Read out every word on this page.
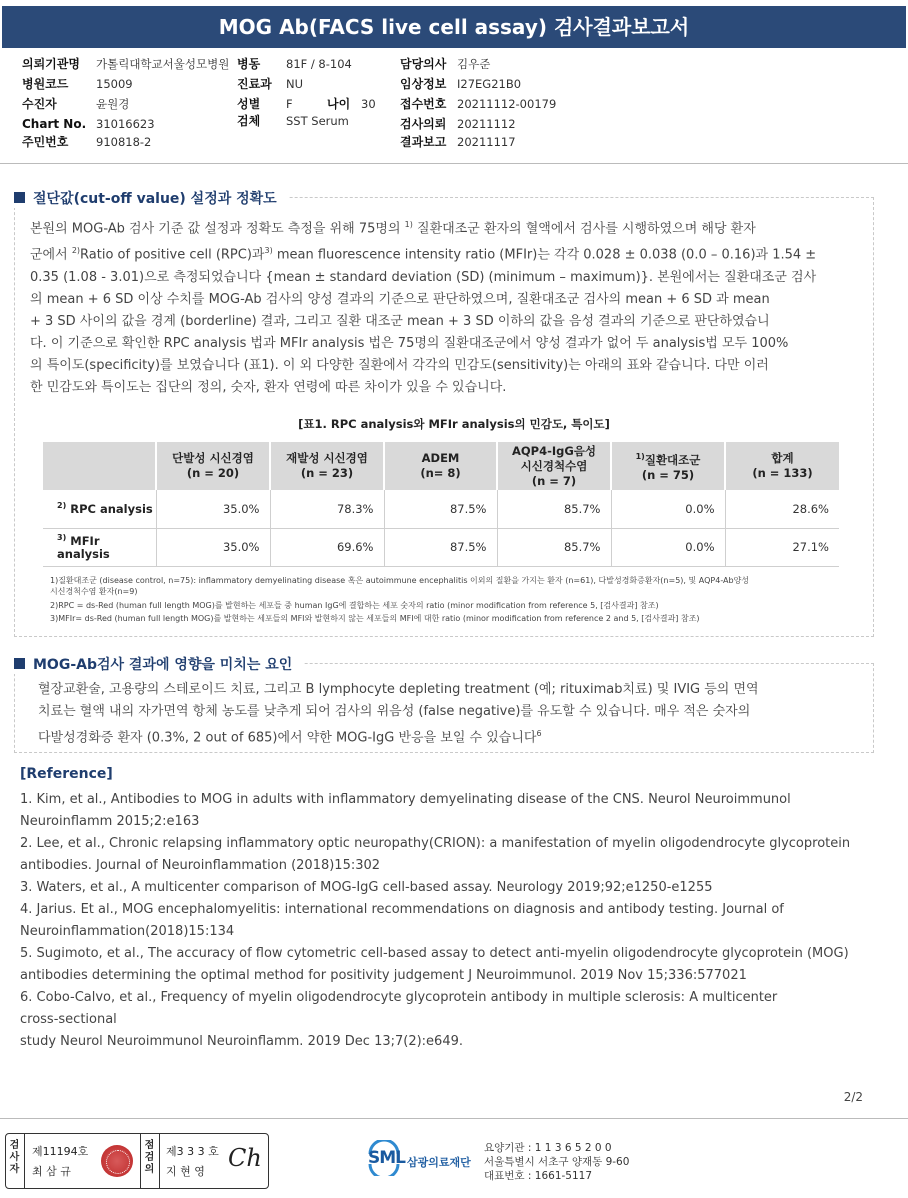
MOG Ab(FACS live cell assay) 검사결과보고서
의뢰기관명 가톨릭대학교서울성모병원
병원코드 15009
수진자	윤원경
Chart No. 31016623
주민번호 910818-2
병동 81F / 8-104
진료과 NU
성별 F	나이 30
검체 SST Serum
담당의사 김우준
임상정보 I27EG21B0
접수번호 20211112-00179
검사의뢰 20211112
결과보고 20211117
절단값(cut-off value) 설정과 정확도
본원의 MOG-Ab 검사 기준 값 설정과 정확도 측정을 위해 75명의 $^{1)}$ 질환대조군 환자의 혈액에서 검사를 시행하였으며 해당 환자
군에서 $^{2)}$Ratio of positive cell (RPC)과$^{3)}$ mean fluorescence intensity ratio (MFIr)는 각각 0.028 ± 0.038 (0.0 – 0.16)과 1.54 ±
0.35 (1.08 - 3.01)으로 측정되었습니다 {mean ± standard deviation (SD) (minimum – maximum)}. 본원에서는 질환대조군 검사
의 mean + 6 SD 이상 수치를 MOG-Ab 검사의 양성 결과의 기준으로 판단하였으며, 질환대조군 검사의 mean + 6 SD 과 mean
+ 3 SD 사이의 값을 경계 (borderline) 결과, 그리고 질환 대조군 mean + 3 SD 이하의 값을 음성 결과의 기준으로 판단하였습니
다. 이 기준으로 확인한 RPC analysis 법과 MFIr analysis 법은 75명의 질환대조군에서 양성 결과가 없어 두 analysis법 모두 100%
의 특이도(specificity)를 보였습니다 (표1). 이 외 다양한 질환에서 각각의 민감도(sensitivity)는 아래의 표와 같습니다. 다만 이러
한 민감도와 특이도는 집단의 정의, 숫자, 환자 연령에 따른 차이가 있을 수 있습니다.
[표1. RPC analysis와 MFIr analysis의 민감도, 특이도]
	단발성 시신경염
(n = 20)	재발성 시신경염
(n = 23)	ADEM
(n= 8)	AQP4-IgG음성
시신경척수염
(n = 7)	$^{1)}$질환대조군
(n = 75)	합계
(n = 133)
$^{2)}$ RPC analysis	35.0%	78.3%	87.5%	85.7%	0.0%	28.6%
$^{3)}$ MFIr analysis	35.0%	69.6%	87.5%	85.7%	0.0%	27.1%
1)질환대조군 (disease control, n=75): inflammatory demyelinating disease 혹은 autoimmune encephalitis 이외의 질환을 가지는 환자 (n=61), 다발성경화증환자(n=5), 및 AQP4-Ab양성
시신경척수염 환자(n=9)
2)RPC = ds-Red (human full length MOG)를 발현하는 세포들 중 human IgG에 결합하는 세포 숫자의 ratio (minor modification from reference 5, [검사결과] 참조)
3)MFIr= ds-Red (human full length MOG)를 발현하는 세포들의 MFI와 발현하지 않는 세포들의 MFI에 대한 ratio (minor modification from reference 2 and 5, [검사결과] 참조)
MOG-Ab검사 결과에 영향을 미치는 요인
혈장교환술, 고용량의 스테로이드 치료, 그리고 B lymphocyte depleting treatment (예; rituximab치료) 및 IVIG 등의 면역
치료는 혈액 내의 자가면역 항체 농도를 낮추게 되어 검사의 위음성 (false negative)를 유도할 수 있습니다. 매우 적은 숫자의
다발성경화증 환자 (0.3%, 2 out of 685)에서 약한 MOG-IgG 반응을 보일 수 있습니다$^6$
[Reference]
1. Kim, et al., Antibodies to MOG in adults with inflammatory demyelinating disease of the CNS. Neurol Neuroimmunol
Neuroinflamm 2015;2:e163
2. Lee, et al., Chronic relapsing inflammatory optic neuropathy(CRION): a manifestation of myelin oligodendrocyte glycoprotein
antibodies. Journal of Neuroinflammation (2018)15:302
3. Waters, et al., A multicenter comparison of MOG-IgG cell-based assay. Neurology 2019;92;e1250-e1255
4. Jarius. Et al., MOG encephalomyelitis: international recommendations on diagnosis and antibody testing. Journal of
Neuroinflammation(2018)15:134
5. Sugimoto, et al., The accuracy of flow cytometric cell-based assay to detect anti-myelin oligodendrocyte glycoprotein (MOG)
antibodies determining the optimal method for positivity judgement J Neuroimmunol. 2019 Nov 15;336:577021
6. Cobo-Calvo, et al., Frequency of myelin oligodendrocyte glycoprotein antibody in multiple sclerosis: A multicenter
cross-sectional
study Neurol Neuroimmunol Neuroinflamm. 2019 Dec 13;7(2):e649.
2/2
검사자
제11194호
최 삼 규
점검의
제3 3 3 호
지 현 영 Ch	SML 삼광의료재단
요양기관 : 1 1 3 6 5 2 0 0
서울특별시 서초구 양재동 9-60
대표번호 : 1661-5117
